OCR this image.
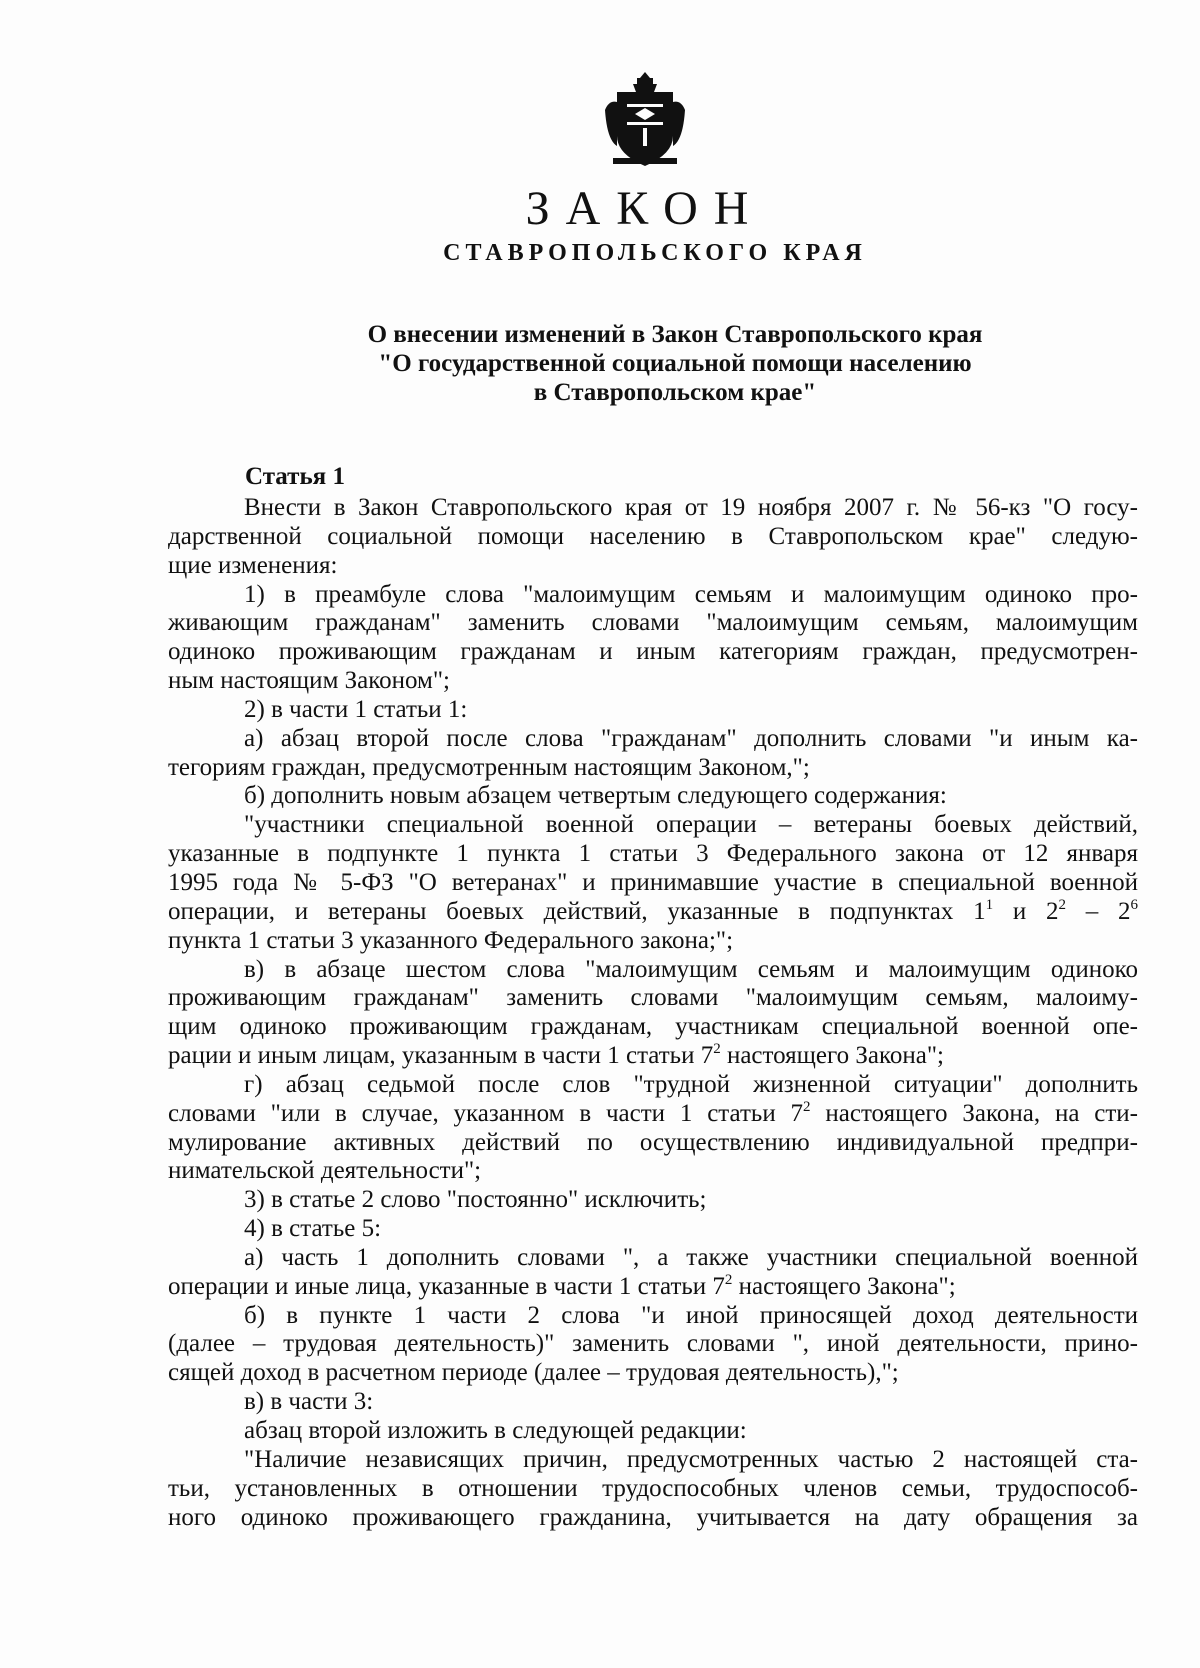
ЗАКОН
СТАВРОПОЛЬСКОГО КРАЯ
О внесении изменений в Закон Ставропольского края
"О государственной социальной помощи населению
в Ставропольском крае"
Статья 1
Внести в Закон Ставропольского края от 19 ноября 2007 г. № 56-кз "О госу-
дарственной социальной помощи населению в Ставропольском крае" следую-
щие изменения:
1) в преамбуле слова "малоимущим семьям и малоимущим одиноко про-
живающим гражданам" заменить словами "малоимущим семьям, малоимущим
одиноко проживающим гражданам и иным категориям граждан, предусмотрен-
ным настоящим Законом";
2) в части 1 статьи 1:
а) абзац второй после слова "гражданам" дополнить словами "и иным ка-
тегориям граждан, предусмотренным настоящим Законом,";
б) дополнить новым абзацем четвертым следующего содержания:
"участники специальной военной операции – ветераны боевых действий,
указанные в подпункте 1 пункта 1 статьи 3 Федерального закона от 12 января
1995 года № 5-ФЗ "О ветеранах" и принимавшие участие в специальной военной
операции, и ветераны боевых действий, указанные в подпунктах $1^1$ и $2^2 - 2^6$
пункта 1 статьи 3 указанного Федерального закона;";
в) в абзаце шестом слова "малоимущим семьям и малоимущим одиноко
проживающим гражданам" заменить словами "малоимущим семьям, малоиму-
щим одиноко проживающим гражданам, участникам специальной военной опе-
рации и иным лицам, указанным в части 1 статьи $7^2$ настоящего Закона";
г) абзац седьмой после слов "трудной жизненной ситуации" дополнить
словами "или в случае, указанном в части 1 статьи $7^2$ настоящего Закона, на сти-
мулирование активных действий по осуществлению индивидуальной предпри-
нимательской деятельности";
3) в статье 2 слово "постоянно" исключить;
4) в статье 5:
а) часть 1 дополнить словами ", а также участники специальной военной
операции и иные лица, указанные в части 1 статьи $7^2$ настоящего Закона";
б) в пункте 1 части 2 слова "и иной приносящей доход деятельности
(далее – трудовая деятельность)" заменить словами ", иной деятельности, прино-
сящей доход в расчетном периоде (далее – трудовая деятельность),";
в) в части 3:
абзац второй изложить в следующей редакции:
"Наличие независящих причин, предусмотренных частью 2 настоящей ста-
тьи, установленных в отношении трудоспособных членов семьи, трудоспособ-
ного одиноко проживающего гражданина, учитывается на дату обращения за
